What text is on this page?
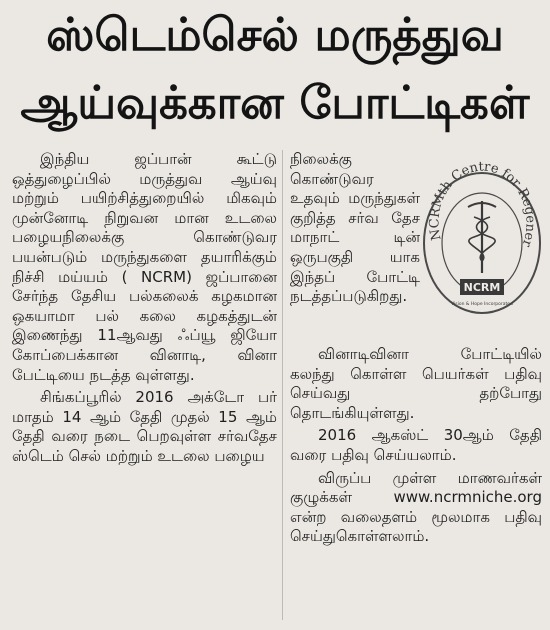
ஸ்டெம்செல் மருத்துவ
ஆய்வுக்கான போட்டிகள்

இந்திய ஜப்பான் கூட்டு ஒத்துழைப்பில் மருத்துவ ஆய்வு மற்றும் பயிற்சித்துறையில் மிகவும் முன்னோடி நிறுவன மான உடலை பழையநிலைக்கு கொண்டுவர பயன்படும் மருந்துகளை தயாரிக்கும் நிச்சி மய்யம் ( NCRM) ஜப்பானை சேர்ந்த தேசிய பல்கலைக் கழகமான ஒகயாமா பல் கலை கழகத்துடன் இணைந்து 11ஆவது ஃப்யூ ஜியோ கோப்பைக்கான வினாடி, வினா பேட்டியை நடத்த வுள்ளது.

சிங்கப்பூரில் 2016 அக்டோ பர் மாதம் 14 ஆம் தேதி முதல் 15 ஆம் தேதி வரை நடை பெறவுள்ள சர்வதேச ஸ்டெம் செல் மற்றும் உடலை பழைய

நிலைக்கு கொண்டுவர உதவும் மருந்துகள் குறித்த சர்வ தேச மாநாட் டின் ஒருபகுதி யாக இந்தப் போட்டி நடத்தப்படுகிறது.

NCRMth Centre for Regener
NCRM
Vision & Hope Incorporated

வினாடிவினா போட்டியில் கலந்து கொள்ள பெயர்கள் பதிவு செய்வது தற்போது தொடங்கியுள்ளது.

2016 ஆகஸ்ட் 30ஆம் தேதி வரை பதிவு செய்யலாம்.

விருப்ப முள்ள மாணவர்கள் குழுக்கள் www.ncrmniche.org என்ற வலைதளம் மூலமாக பதிவு செய்துகொள்ளலாம்.
